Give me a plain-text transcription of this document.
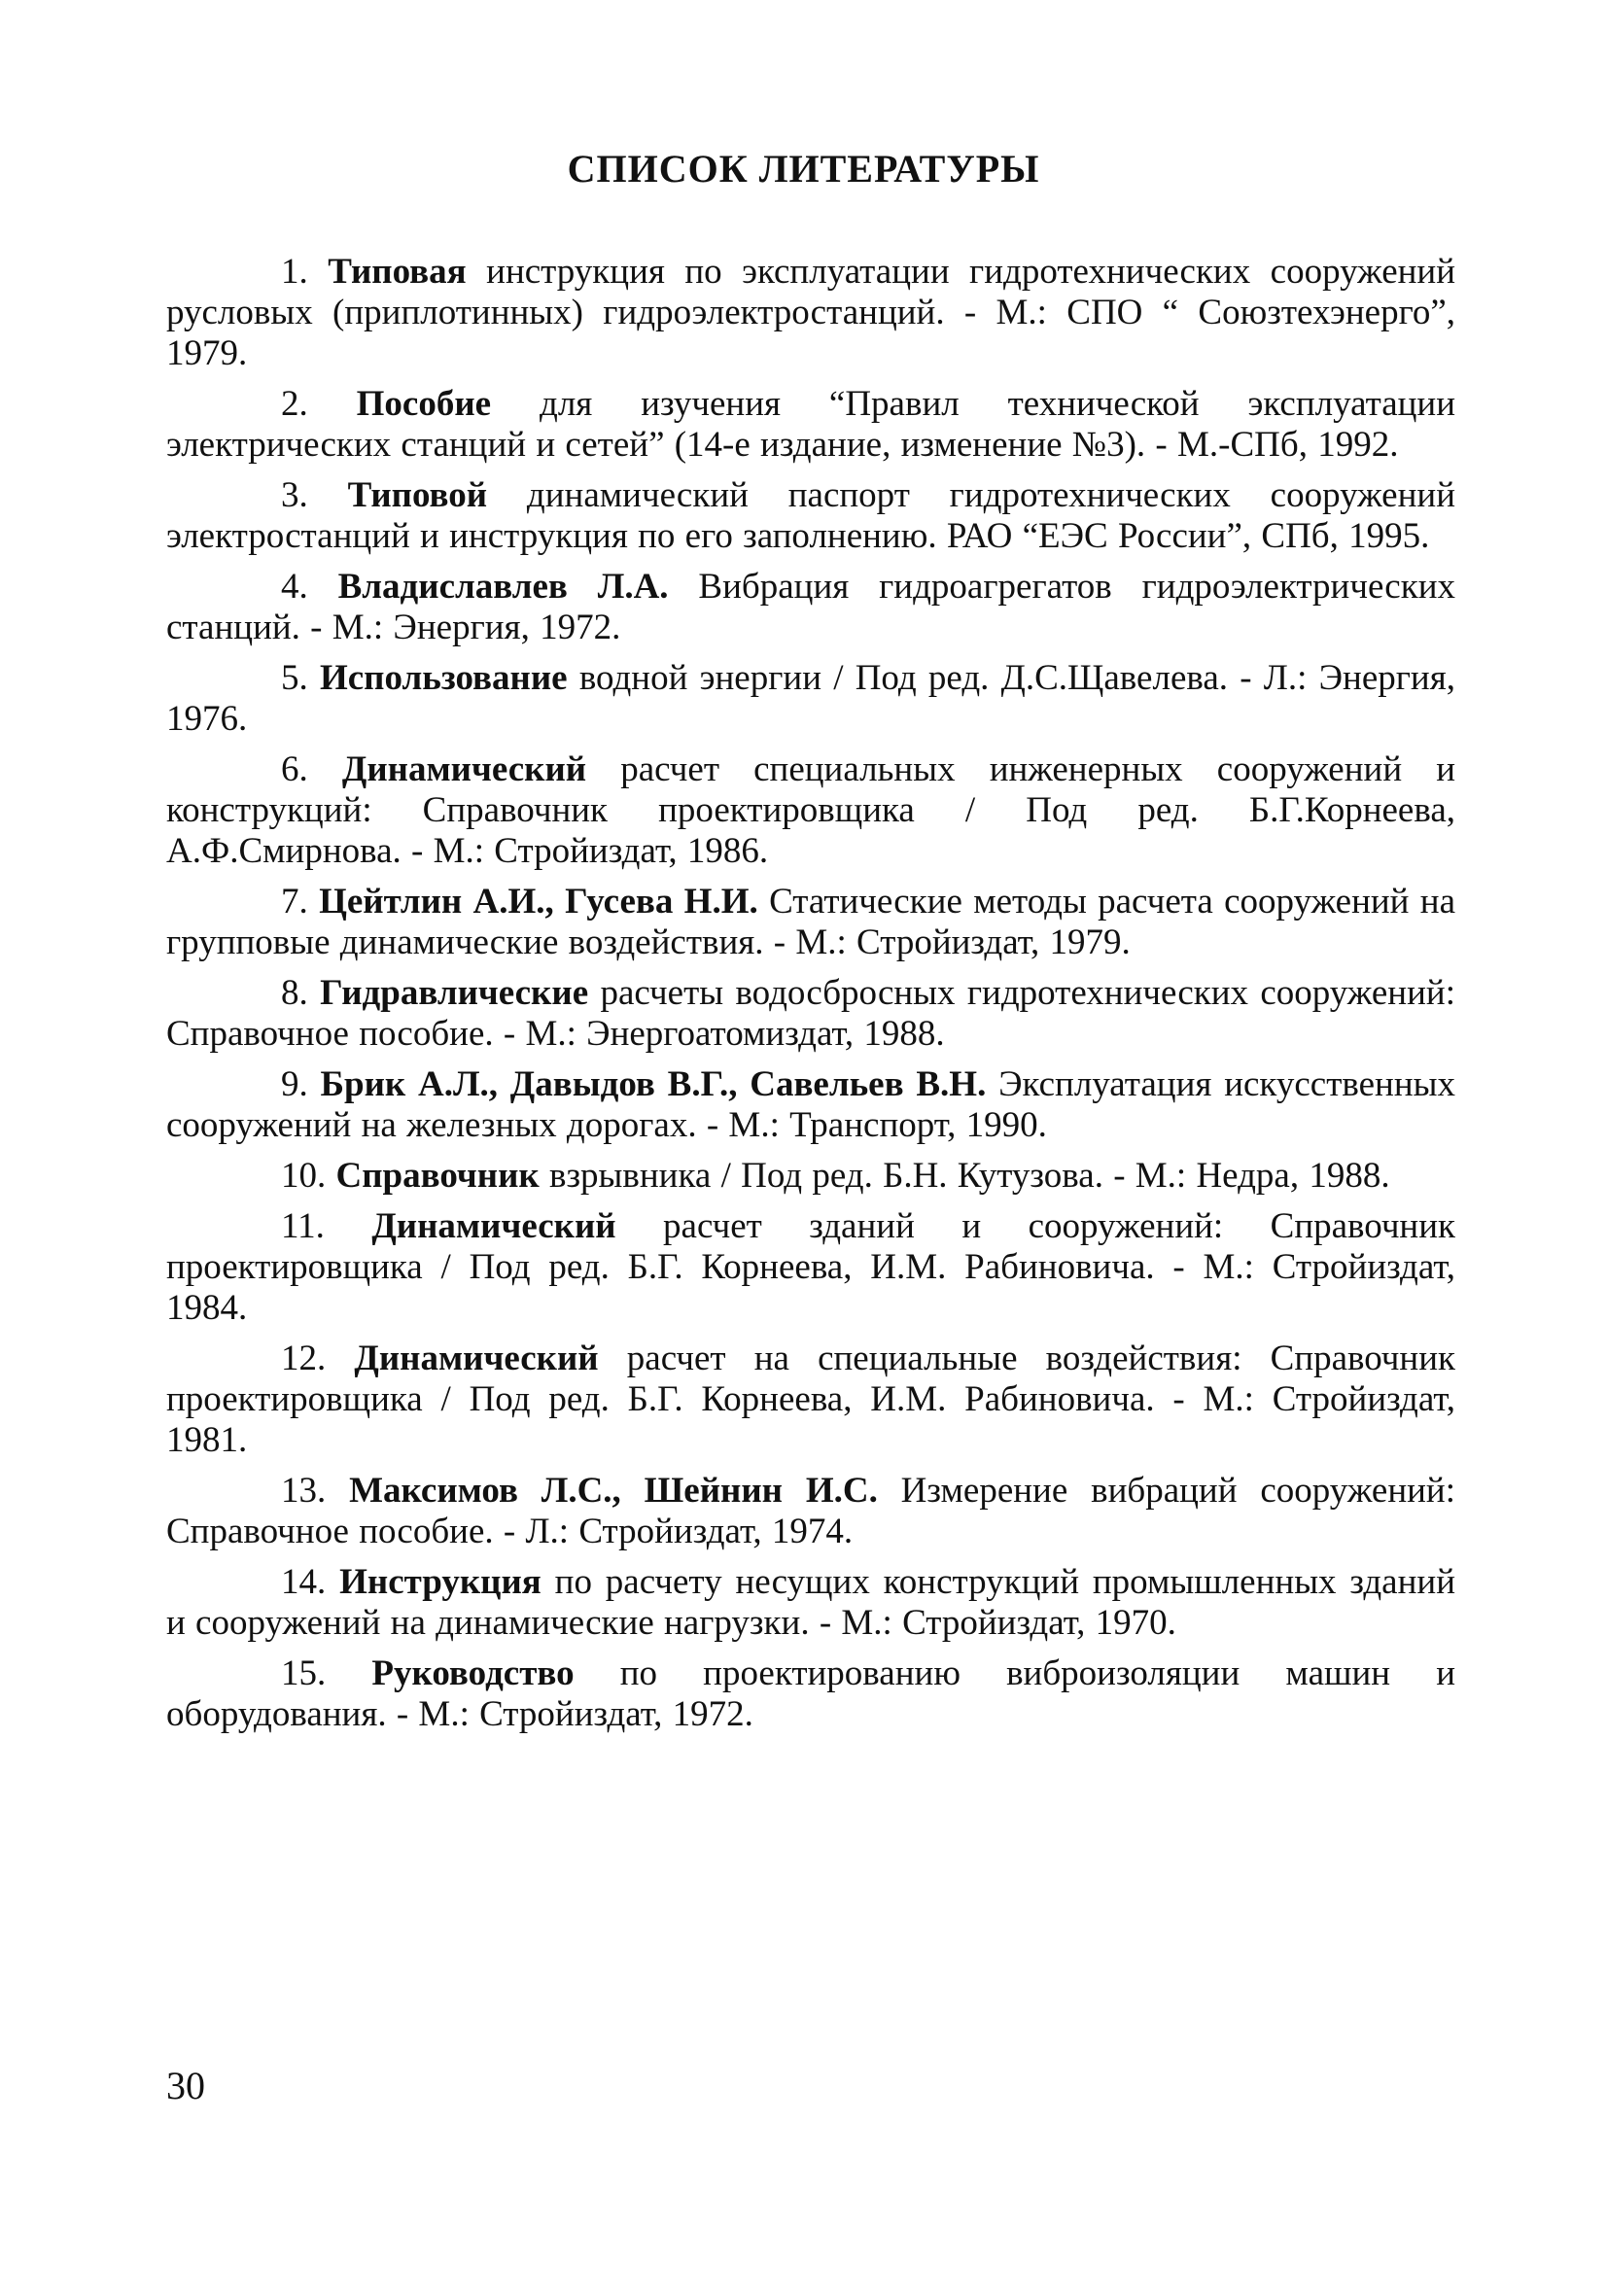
СПИСОК ЛИТЕРАТУРЫ
1. Типовая инструкция по эксплуатации гидротехнических сооружений русловых (приплотинных) гидроэлектростанций. - М.: СПО “ Союзтехэнерго”, 1979.
2. Пособие для изучения “Правил технической эксплуатации электрических станций и сетей” (14-е издание, изменение №3). - М.-СПб, 1992.
3. Типовой динамический паспорт гидротехнических сооружений электростанций и инструкция по его заполнению. РАО “ЕЭС России”, СПб, 1995.
4. Владиславлев Л.А. Вибрация гидроагрегатов гидроэлектрических станций. - М.: Энергия, 1972.
5. Использование водной энергии / Под ред. Д.С.Щавелева. - Л.: Энергия, 1976.
6. Динамический расчет специальных инженерных сооружений и конструкций: Справочник проектировщика / Под ред. Б.Г.Корнеева, А.Ф.Смирнова. - М.: Стройиздат, 1986.
7. Цейтлин А.И., Гусева Н.И. Статические методы расчета сооружений на групповые динамические воздействия. - М.: Стройиздат, 1979.
8. Гидравлические расчеты водосбросных гидротехнических сооружений: Справочное пособие. - М.: Энергоатомиздат, 1988.
9. Брик А.Л., Давыдов В.Г., Савельев В.Н. Эксплуатация искусственных сооружений на железных дорогах. - М.: Транспорт, 1990.
10. Справочник взрывника / Под ред. Б.Н. Кутузова. - М.: Недра, 1988.
11. Динамический расчет зданий и сооружений: Справочник проектировщика / Под ред. Б.Г. Корнеева, И.М. Рабиновича. - М.: Стройиздат, 1984.
12. Динамический расчет на специальные воздействия: Справочник проектировщика / Под ред. Б.Г. Корнеева, И.М. Рабиновича. - М.: Стройиздат, 1981.
13. Максимов Л.С., Шейнин И.С. Измерение вибраций сооружений: Справочное пособие. - Л.: Стройиздат, 1974.
14. Инструкция по расчету несущих конструкций промышленных зданий и сооружений на динамические нагрузки. - М.: Стройиздат, 1970.
15. Руководство по проектированию виброизоляции машин и оборудования. - М.: Стройиздат, 1972.
30
